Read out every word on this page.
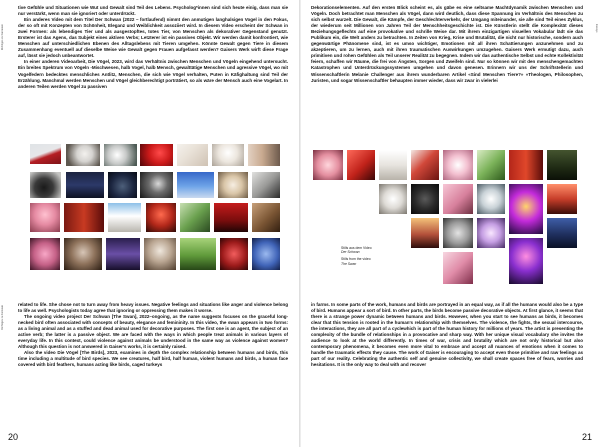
Richtiges zu Fantasien
Richtiges zu Fantasie

tive Gefühle und Situationen wie Wut und Gewalt sind Teil des Lebens. Psycholog*innen sind sich heute einig, dass man sie nur verstärkt, wenn man sie ignoriert oder unterdrückt.

Ein anderes Video mit dem Titel Der Schwan (2022 – fortlaufend) nimmt den anmutigen langhalsigen Vogel in den Fokus, der so oft mit Konzepten von Schönheit, Eleganz und Weiblichkeit assoziiert wird. In diesem Video erscheint der Schwan in zwei Formen: als lebendiges Tier und als ausgestopftes, totes Tier, von Menschen als dekorativer Gegenstand genutzt. Ersterer ist das Agens, das Subjekt eines aktiven Verbs; Letzterer ist ein passives Objekt. Wir werden damit konfrontiert, wie Menschen auf unterschiedlichen Ebenen des Alltagslebens mit Tieren umgehen. Könnte Gewalt gegen Tiere in diesem Zusammenhang eventuell auf dieselbe Weise wie Gewalt gegen Frauen aufgefasst werden? Gaisers Werk wirft diese Frage auf, lässt sie jedoch unbeantwortet.

In einer anderen Videoarbeit, Die Vögel, 2023, wird das Verhältnis zwischen Menschen und Vögeln eingehend untersucht. Ein breites Spektrum von Vögeln -Mischwesen, halb Vogel, halb Mensch, gewalttätige Menschen und agressive Vögel, wo mit Vogelfedern bedecktes menschliches Antlitz, Menschen, die sich wie Vögel verhalten, Puten in Käfighaltung sind Teil der Erzählung. Manchmal werden Menschen und Vögel gleichberechtigt porträtiert, so als wäre der Mensch auch eine Vogelart. In anderen Teilen werden Vögel zu passiven

related to life. She chose not to turn away from heavy issues. Negative feelings and situations like anger and violence belong to life as well. Psychologists today agree that ignoring or oppressing them makes it worse.

The ongoing video project Der Schwan [The Swan], 2022–ongoing, as the name suggests focuses on the graceful long-necked bird often associated with concepts of beauty, elegance and femininity. In this video, the swan appears in two forms: as a living animal and as a stuffed and dead animal used for decorative purposes. The first one is an agent, the subject of an active verb; the latter is a passive object. We are faced with the ways in which people treat animals in various layers of everyday life. In this context, could violence against animals be understood in the same way as violence against women? Although this question is not answered in Gaiser's works, it is certainly raised.

Also the video Die Vögel [The Birds], 2023, examines in depth the complex relationship between humans and birds, this time including a multitude of bird species. We see creatures, half bird, half human, violent humans and birds, a human face covered with bird feathers, humans acting like birds, caged turkeys

20
Essays

Dekorationselementen. Auf den ersten Blick scheint es, als gäbe es eine seltsame Machtdynamik zwischen Menschen und Vögeln. Doch betrachtet man Menschen als Vögel, dann wird deutlich, dass diese Spannung im Verhältnis des Menschen zu sich selbst wurzelt. Die Gewalt, die Kämpfe, der Geschlechterverkehr, der Umgang miteinander, sie alle sind Teil eines Zyklus, der wiederum seit Millionen von Jahren Teil der Menschheitsgeschichte ist. Die Künstlerin stellt die Komplexität dieses Beziehungsgeflechts auf eine provokative und schrille Weise dar. Mit ihrem einzigartigen visuellen Vokabular lädt sie das Publikum ein, die Welt anders zu betrachten. In Zeiten von Krieg, Krise und Brutalität, die nicht nur historische, sondern auch gegenwärtige Phänomene sind, ist es umso wichtiger, Emotionen mit all ihren Schattierungen anzunehmen und zu akzeptieren, um zu lernen, auch mit ihren traumatischen Auswirkungen umzugehen. Gaisers Werk ermutigt dazu, auch primitiven und rohen Gefühlen als Teil unserer Realität zu begegnen. Indem wir das authentische Selbst und echte Kollektivität feiern, schaffen wir Räume, die frei von Ängsten, Sorgen und Zweifeln sind. Nur so können wir mit den menschengemachten Katastrophen und Unterdrückungssystemen umgehen und davon genesen. Erinnern wir uns der Schriftstellerin und Wissenschaftlerin Melanie Challenger aus ihrem wunderbaren Artikel «Sind Menschen Tiere?» «Theologen, Philosophen, Juristen, und sogar Wissenschaftler behaupten immer wieder, dass wir zwar in vielerlei

Stills aus dem Video
Der Schwan
Stills from the video
The Swan

in farms. In some parts of the work, humans and birds are portrayed in an equal way, as if all the humans would also be a type of bird. Humans appear a sort of bird. In other parts, the birds become passive decorative objects. At first glance, it seems that there is a strange power dynamic between humans and birds. However, when you start to see humans as birds, it becomes clear that this tension is rooted in the human's relationship with themselves. The violence, the fights, the sexual intercourse, the interactions, they are all part of a cyclewhich is part of the human history for millions of years. The artist is presenting the complexity of the bundle of relationships in a provocative and sharp way. With her unique visual vocabulary she invites the audience to look at the world differently. In times of war, crisis and brutality which are not only historical but also contemporary phenomena, it becomes even more vital to embrace and accept all nuances of emotions when it comes to handle the traumatic effects they cause. The work of Gaiser is encouraging to accept even those primitive and raw feelings as part of our reality. Celebrating the authentic self and genuine collectivity, we shall create spaces free of fears, worries and hesitations. It is the only way to deal with and recover

21
